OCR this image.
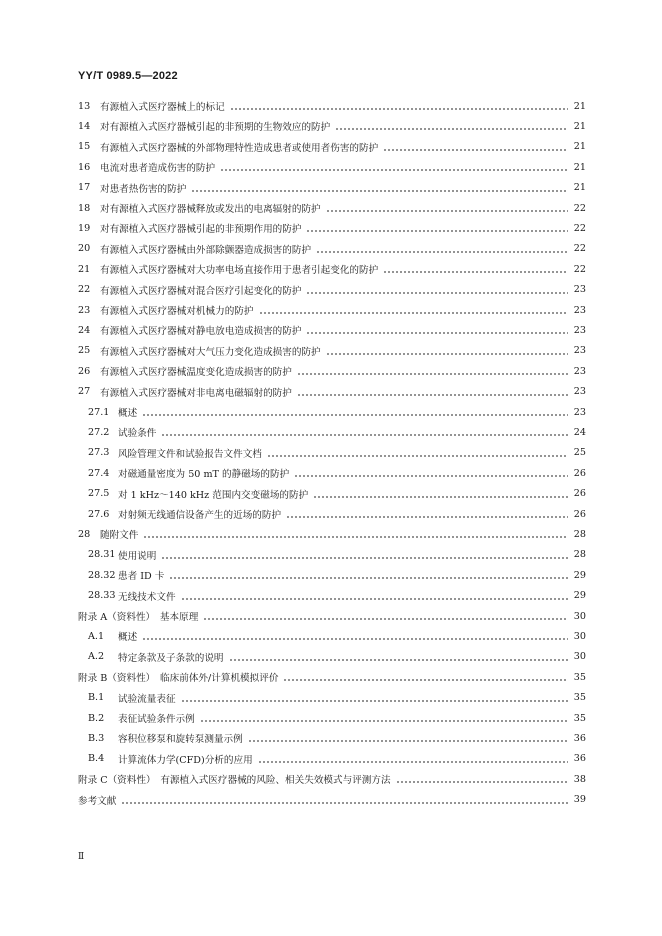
YY/T 0989.5—2022
13	有源植入式医疗器械上的标记	21
14	对有源植入式医疗器械引起的非预期的生物效应的防护	21
15	有源植入式医疗器械的外部物理特性造成患者或使用者伤害的防护	21
16	电流对患者造成伤害的防护	21
17	对患者热伤害的防护	21
18	对有源植入式医疗器械释放或发出的电离辐射的防护	22
19	对有源植入式医疗器械引起的非预期作用的防护	22
20	有源植入式医疗器械由外部除颤器造成损害的防护	22
21	有源植入式医疗器械对大功率电场直接作用于患者引起变化的防护	22
22	有源植入式医疗器械对混合医疗引起变化的防护	23
23	有源植入式医疗器械对机械力的防护	23
24	有源植入式医疗器械对静电放电造成损害的防护	23
25	有源植入式医疗器械对大气压力变化造成损害的防护	23
26	有源植入式医疗器械温度变化造成损害的防护	23
27	有源植入式医疗器械对非电离电磁辐射的防护	23
27.1 概述	23
27.2 试验条件	24
27.3 风险管理文件和试验报告文件文档	25
27.4 对磁通量密度为 50 mT 的静磁场的防护	26
27.5 对 1 kHz～140 kHz 范围内交变磁场的防护	26
27.6 对射频无线通信设备产生的近场的防护	26
28	随附文件	28
28.31 使用说明	28
28.32 患者 ID 卡	29
28.33 无线技术文件	29
附录 A（资料性）　基本原理	30
A.1	概述	30
A.2	特定条款及子条款的说明	30
附录 B（资料性）　临床前体外/计算机模拟评价	35
B.1	试验流量表征	35
B.2	表征试验条件示例	35
B.3	容积位移泵和旋转泵测量示例	36
B.4	计算流体力学(CFD)分析的应用	36
附录 C（资料性）　有源植入式医疗器械的风险、相关失效模式与评测方法	38
参考文献	39
Ⅱ
